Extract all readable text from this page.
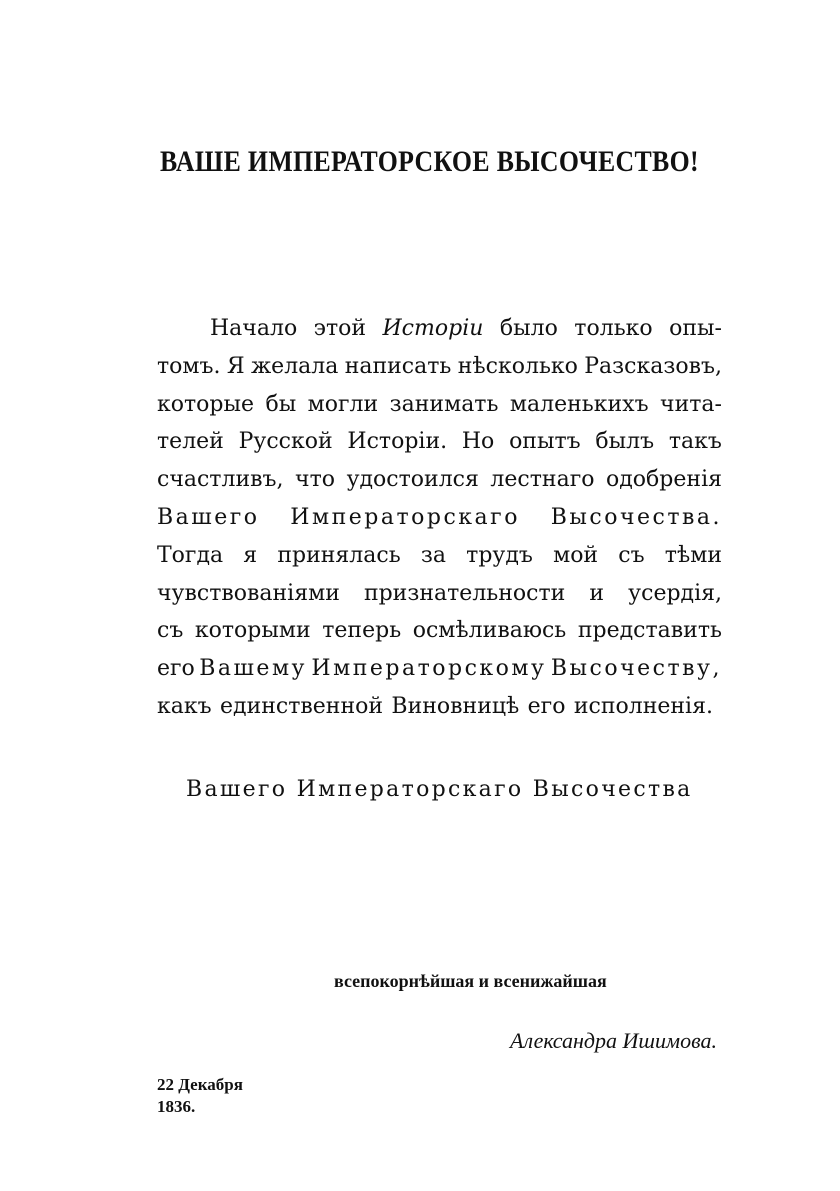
ВАШЕ ИМПЕРАТОРСКОЕ ВЫСОЧЕСТВО!
Начало этой Исторіи было только опы-
томъ. Я желала написать нѣсколько Разсказовъ,
которые бы могли занимать маленькихъ чита-
телей Русской Исторіи. Но опытъ былъ такъ
счастливъ, что удостоился лестнаго одобренія
Вашего Императорскаго Высочества.
Тогда я принялась за трудъ мой съ тѣми
чувствованіями признательности и усердія,
съ которыми теперь осмѣливаюсь представить
его Вашему Императорскому Высочеству,
какъ единственной Виновницѣ его исполненія.
Вашего Императорскаго Высочества
всепокорнѣйшая и всенижайшая
Александра Ишимова.
22 Декабря
1836.
